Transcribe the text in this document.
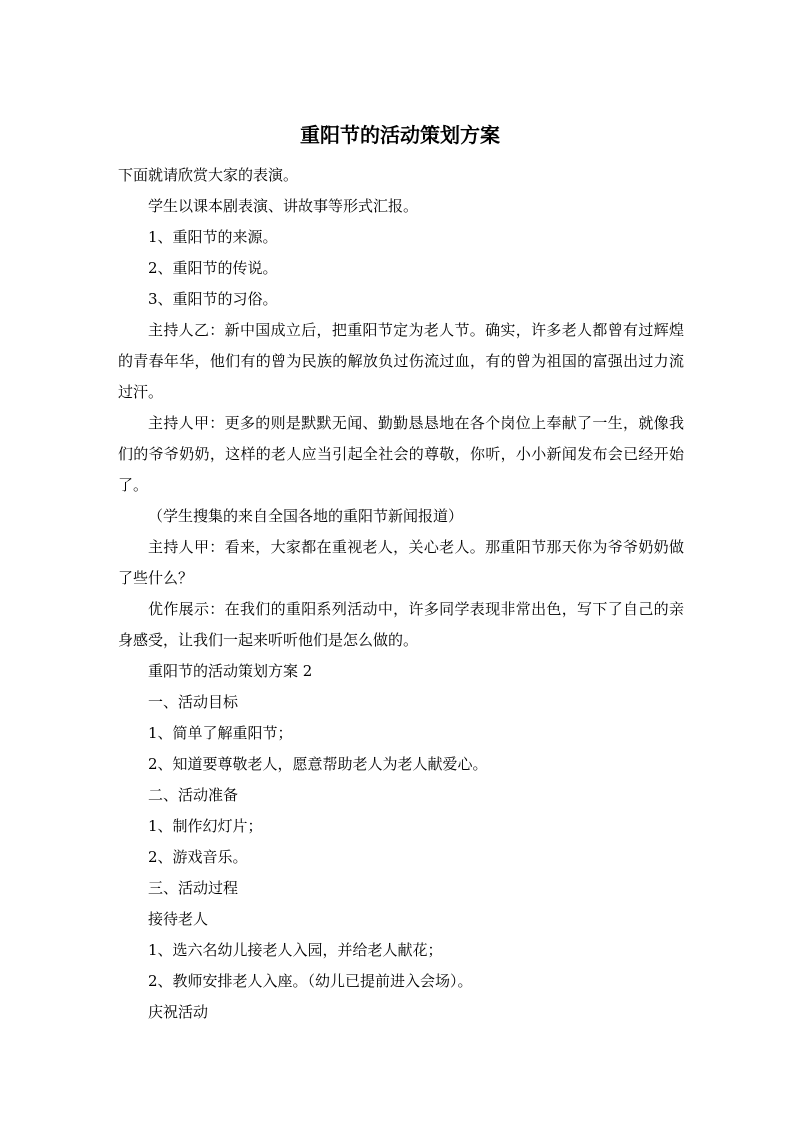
重阳节的活动策划方案

下面就请欣赏大家的表演。

学生以课本剧表演、讲故事等形式汇报。

1、重阳节的来源。

2、重阳节的传说。

3、重阳节的习俗。

主持人乙：新中国成立后，把重阳节定为老人节。确实，许多老人都曾有过辉煌的青春年华，他们有的曾为民族的解放负过伤流过血，有的曾为祖国的富强出过力流过汗。

主持人甲：更多的则是默默无闻、勤勤恳恳地在各个岗位上奉献了一生，就像我们的爷爷奶奶，这样的老人应当引起全社会的尊敬，你听，小小新闻发布会已经开始了。

（学生搜集的来自全国各地的重阳节新闻报道）

主持人甲：看来，大家都在重视老人，关心老人。那重阳节那天你为爷爷奶奶做了些什么？

优作展示：在我们的重阳系列活动中，许多同学表现非常出色，写下了自己的亲身感受，让我们一起来听听他们是怎么做的。

重阳节的活动策划方案 2

一、活动目标

1、简单了解重阳节；

2、知道要尊敬老人，愿意帮助老人为老人献爱心。

二、活动准备

1、制作幻灯片；

2、游戏音乐。

三、活动过程

接待老人

1、选六名幼儿接老人入园，并给老人献花；

2、教师安排老人入座。（幼儿已提前进入会场）。

庆祝活动
